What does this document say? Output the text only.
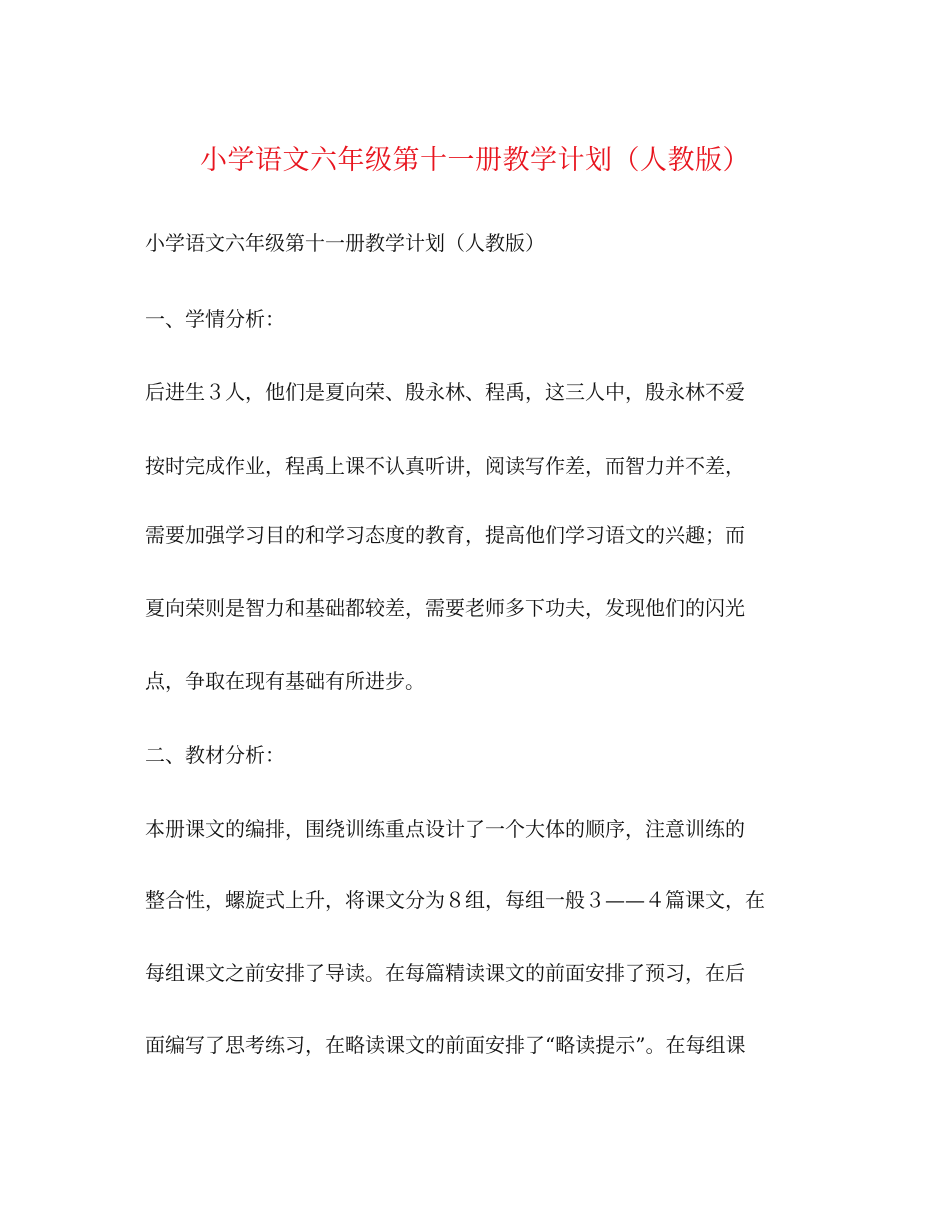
小学语文六年级第十一册教学计划（人教版）
小学语文六年级第十一册教学计划（人教版）
一、学情分析：
后进生３人，他们是夏向荣、殷永林、程禹，这三人中，殷永林不爱
按时完成作业，程禹上课不认真听讲，阅读写作差，而智力并不差，
需要加强学习目的和学习态度的教育，提高他们学习语文的兴趣；而
夏向荣则是智力和基础都较差，需要老师多下功夫，发现他们的闪光
点，争取在现有基础有所进步。
二、教材分析：
本册课文的编排，围绕训练重点设计了一个大体的顺序，注意训练的
整合性，螺旋式上升，将课文分为８组，每组一般３——４篇课文，在
每组课文之前安排了导读。在每篇精读课文的前面安排了预习，在后
面编写了思考练习，在略读课文的前面安排了“略读提示”。在每组课
